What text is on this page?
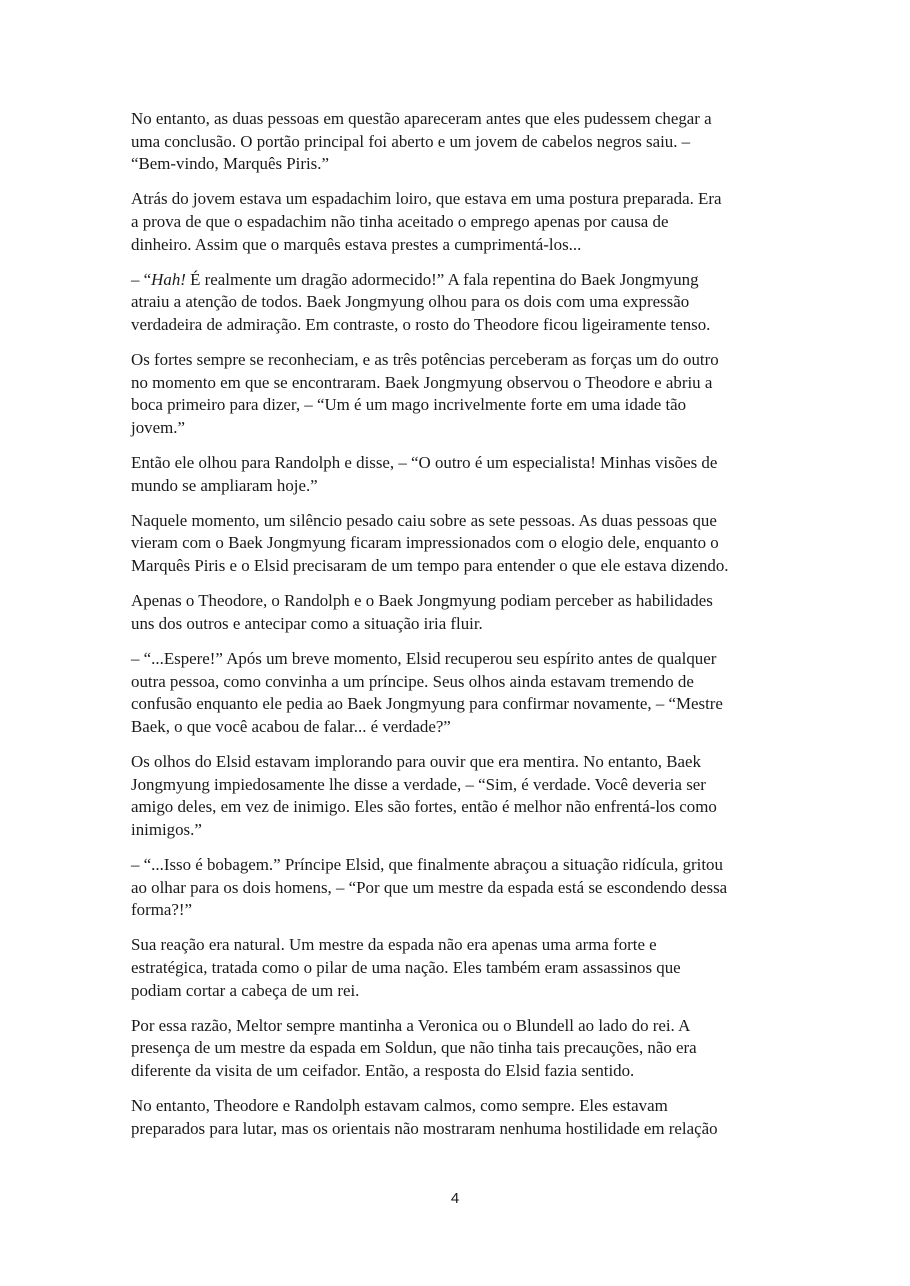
No entanto, as duas pessoas em questão apareceram antes que eles pudessem chegar a
uma conclusão. O portão principal foi aberto e um jovem de cabelos negros saiu. –
“Bem-vindo, Marquês Piris.”

Atrás do jovem estava um espadachim loiro, que estava em uma postura preparada. Era
a prova de que o espadachim não tinha aceitado o emprego apenas por causa de
dinheiro. Assim que o marquês estava prestes a cumprimentá-los...

– “Hah! É realmente um dragão adormecido!” A fala repentina do Baek Jongmyung
atraiu a atenção de todos. Baek Jongmyung olhou para os dois com uma expressão
verdadeira de admiração. Em contraste, o rosto do Theodore ficou ligeiramente tenso.

Os fortes sempre se reconheciam, e as três potências perceberam as forças um do outro
no momento em que se encontraram. Baek Jongmyung observou o Theodore e abriu a
boca primeiro para dizer, – “Um é um mago incrivelmente forte em uma idade tão
jovem.”

Então ele olhou para Randolph e disse, – “O outro é um especialista! Minhas visões de
mundo se ampliaram hoje.”

Naquele momento, um silêncio pesado caiu sobre as sete pessoas. As duas pessoas que
vieram com o Baek Jongmyung ficaram impressionados com o elogio dele, enquanto o
Marquês Piris e o Elsid precisaram de um tempo para entender o que ele estava dizendo.

Apenas o Theodore, o Randolph e o Baek Jongmyung podiam perceber as habilidades
uns dos outros e antecipar como a situação iria fluir.

– “...Espere!” Após um breve momento, Elsid recuperou seu espírito antes de qualquer
outra pessoa, como convinha a um príncipe. Seus olhos ainda estavam tremendo de
confusão enquanto ele pedia ao Baek Jongmyung para confirmar novamente, – “Mestre
Baek, o que você acabou de falar... é verdade?”

Os olhos do Elsid estavam implorando para ouvir que era mentira. No entanto, Baek
Jongmyung impiedosamente lhe disse a verdade, – “Sim, é verdade. Você deveria ser
amigo deles, em vez de inimigo. Eles são fortes, então é melhor não enfrentá-los como
inimigos.”

– “...Isso é bobagem.” Príncipe Elsid, que finalmente abraçou a situação ridícula, gritou
ao olhar para os dois homens, – “Por que um mestre da espada está se escondendo dessa
forma?!”

Sua reação era natural. Um mestre da espada não era apenas uma arma forte e
estratégica, tratada como o pilar de uma nação. Eles também eram assassinos que
podiam cortar a cabeça de um rei.

Por essa razão, Meltor sempre mantinha a Veronica ou o Blundell ao lado do rei. A
presença de um mestre da espada em Soldun, que não tinha tais precauções, não era
diferente da visita de um ceifador. Então, a resposta do Elsid fazia sentido.

No entanto, Theodore e Randolph estavam calmos, como sempre. Eles estavam
preparados para lutar, mas os orientais não mostraram nenhuma hostilidade em relação

4
